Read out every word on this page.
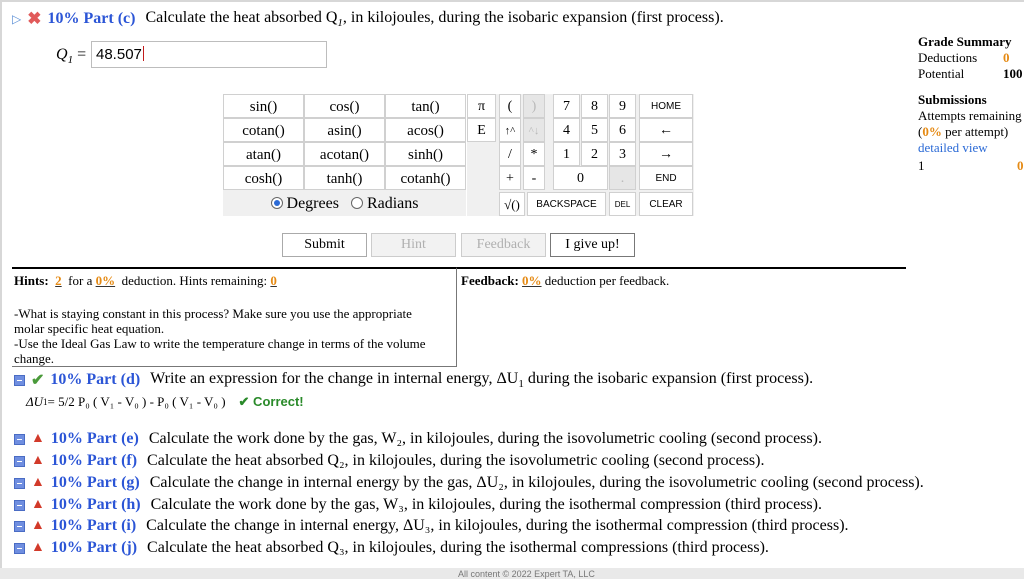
▷ ✖ 10% Part (c) Calculate the heat absorbed $Q_1$, in kilojoules, during the isobaric expansion (first process).
$Q_1 = 48.507$
Grade Summary
Deductions 0
Potential	100
Submissions
Attempts remaining
(0% per attempt)
detailed view
1	0
sin()	cos()	tan()
cotan()	asin()	acos()
atan()	acotan()	sinh()
cosh()	tanh()	cotanh()
Degrees Radians
π	(	)	7	8	9	HOME
E	↑^	^↓	4	5	6	←
/	*	1	2	3	→
+	-	0	.	END
√()	BACKSPACE	DEL	CLEAR
Submit	Hint	Feedback	I give up!
Hints: 2 for a 0% deduction. Hints remaining: 0
-What is staying constant in this process? Make sure you use the appropriate
molar specific heat equation.
-Use the Ideal Gas Law to write the temperature change in terms of the volume
change.
Feedback: 0% deduction per feedback.
✔ 10% Part (d) Write an expression for the change in internal energy, $\Delta U_1$ during the isobaric expansion (first process).
ΔU 1 = 5/2 P₀ ( V₁ - V₀ ) - P₀ ( V₁ - V₀ )
✔ Correct!
▲ 10% Part (e) Calculate the work done by the gas, W₂, in kilojoules, during the isovolumetric cooling (second process).
▲ 10% Part (f) Calculate the heat absorbed Q₂, in kilojoules, during the isovolumetric cooling (second process).
▲ 10% Part (g) Calculate the change in internal energy by the gas, ΔU₂, in kilojoules, during the isovolumetric cooling (second process).
▲ 10% Part (h) Calculate the work done by the gas, W₃, in kilojoules, during the isothermal compression (third process).
▲ 10% Part (i) Calculate the change in internal energy, ΔU₃, in kilojoules, during the isothermal compression (third process).
▲ 10% Part (j) Calculate the heat absorbed Q₃, in kilojoules, during the isothermal compressions (third process).
All content © 2022 Expert TA, LLC
